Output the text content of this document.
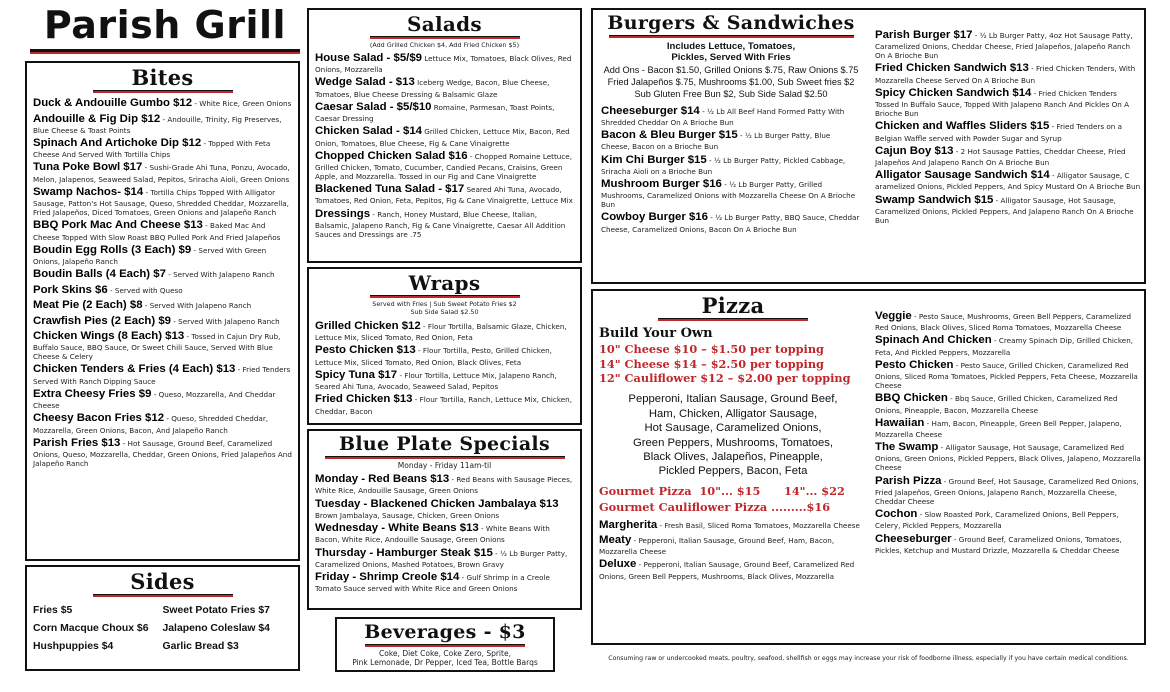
Parish Grill
Bites
Duck & Andouille Gumbo $12 - White Rice, Green Onions
Andouille & Fig Dip $12 - Andouille, Trinity, Fig Preserves, Blue Cheese & Toast Points
Spinach And Artichoke Dip $12 - Topped With Feta Cheese And Served With Tortilla Chips
Tuna Poke Bowl $17 - Sushi-Grade Ahi Tuna, Ponzu, Avocado, Melon, Jalapenos, Seaweed Salad, Pepitos, Sriracha Aioli, Green Onions
Swamp Nachos- $14 - Tortilla Chips Topped With Alligator Sausage, Patton's Hot Sausage, Queso, Shredded Cheddar, Mozzarella, Fried Jalapeños, Diced Tomatoes, Green Onions and Jalapeño Ranch
BBQ Pork Mac And Cheese $13 - Baked Mac And Cheese Topped With Slow Roast BBQ Pulled Pork And Fried Jalapeños
Boudin Egg Rolls (3 Each) $9 - Served With Green Onions, Jalapeño Ranch
Boudin Balls (4 Each) $7 - Served With Jalapeno Ranch
Pork Skins $6 - Served with Queso
Meat Pie (2 Each) $8 - Served With Jalapeno Ranch
Crawfish Pies (2 Each) $9 - Served With Jalapeno Ranch
Chicken Wings (8 Each) $13 - Tossed in Cajun Dry Rub, Buffalo Sauce, BBQ Sauce, Or Sweet Chili Sauce, Served With Blue Cheese & Celery
Chicken Tenders & Fries (4 Each) $13 - Fried Tenders Served With Ranch Dipping Sauce
Extra Cheesy Fries $9 - Queso, Mozzarella, And Cheddar Cheese
Cheesy Bacon Fries $12 - Queso, Shredded Cheddar, Mozzarella, Green Onions, Bacon, And Jalapeño Ranch
Parish Fries $13 - Hot Sausage, Ground Beef, Caramelized Onions, Queso, Mozzarella, Cheddar, Green Onions, Fried Jalapeños And Jalapeño Ranch
Sides
Fries $5	Sweet Potato Fries $7
Corn Macque Choux $6	Jalapeno Coleslaw $4
Hushpuppies $4	Garlic Bread $3
Salads
(Add Grilled Chicken $4, Add Fried Chicken $5)
House Salad - $5/$9 Lettuce Mix, Tomatoes, Black Olives, Red Onions, Mozzarella
Wedge Salad - $13 Iceberg Wedge, Bacon, Blue Cheese, Tomatoes, Blue Cheese Dressing & Balsamic Glaze
Caesar Salad - $5/$10 Romaine, Parmesan, Toast Points, Caesar Dressing
Chicken Salad - $14 Grilled Chicken, Lettuce Mix, Bacon, Red Onion, Tomatoes, Blue Cheese, Fig & Cane Vinaigrette
Chopped Chicken Salad $16 - Chopped Romaine Lettuce, Grilled Chicken, Tomato, Cucumber, Candied Pecans, Craisins, Green Apple, and Mozzarella. Tossed in our Fig and Cane Vinaigrette
Blackened Tuna Salad - $17 Seared Ahi Tuna, Avocado, Tomatoes, Red Onion, Feta, Pepitos, Fig & Cane Vinaigrette, Lettuce Mix
Dressings - Ranch, Honey Mustard, Blue Cheese, Italian, Balsamic, Jalapeno Ranch, Fig & Cane Vinaigrette, Caesar All Addition Sauces and Dressings are .75
Wraps
Served with Fries | Sub Sweet Potato Fries $2
Sub Side Salad $2.50
Grilled Chicken $12 - Flour Tortilla, Balsamic Glaze, Chicken, Lettuce Mix, Sliced Tomato, Red Onion, Feta
Pesto Chicken $13 - Flour Tortilla, Pesto, Grilled Chicken, Lettuce Mix, Sliced Tomato, Red Onion, Black Olives, Feta
Spicy Tuna $17 - Flour Tortilla, Lettuce Mix, Jalapeno Ranch, Seared Ahi Tuna, Avocado, Seaweed Salad, Pepitos
Fried Chicken $13 - Flour Tortilla, Ranch, Lettuce Mix, Chicken, Cheddar, Bacon
Blue Plate Specials
Monday - Friday 11am-til
Monday - Red Beans $13 - Red Beans with Sausage Pieces, White Rice, Andouille Sausage, Green Onions
Tuesday - Blackened Chicken Jambalaya $13 Brown Jambalaya, Sausage, Chicken, Green Onions
Wednesday - White Beans $13 - White Beans With Bacon, White Rice, Andouille Sausage, Green Onions
Thursday - Hamburger Steak $15 - ½ Lb Burger Patty, Caramelized Onions, Mashed Potatoes, Brown Gravy
Friday - Shrimp Creole $14 - Gulf Shrimp in a Creole Tomato Sauce served with White Rice and Green Onions
Beverages - $3
Coke, Diet Coke, Coke Zero, Sprite,
Pink Lemonade, Dr Pepper, Iced Tea, Bottle Barqs
Burgers & Sandwiches
Includes Lettuce, Tomatoes,
Pickles, Served With Fries
Add Ons - Bacon $1.50, Grilled Onions $.75, Raw Onions $.75 Fried Jalapeños $.75, Mushrooms $1.00, Sub Sweet fries $2 Sub Gluten Free Bun $2, Sub Side Salad $2.50
Cheeseburger $14 - ½ Lb All Beef Hand Formed Patty With Shredded Cheddar On A Brioche Bun
Bacon & Bleu Burger $15 - ½ Lb Burger Patty, Blue Cheese, Bacon on a Brioche Bun
Kim Chi Burger $15 - ½ Lb Burger Patty, Pickled Cabbage, Sriracha Aioli on a Brioche Bun
Mushroom Burger $16 - ½ Lb Burger Patty, Grilled Mushrooms, Caramelized Onions with Mozzarella Cheese On A Brioche Bun
Cowboy Burger $16 - ½ Lb Burger Patty, BBQ Sauce, Cheddar Cheese, Caramelized Onions, Bacon On A Brioche Bun
Parish Burger $17 - ½ Lb Burger Patty, 4oz Hot Sausage Patty, Caramelized Onions, Cheddar Cheese, Fried Jalapeños, Jalapeño Ranch On A Brioche Bun
Fried Chicken Sandwich $13 - Fried Chicken Tenders, With Mozzarella Cheese Served On A Brioche Bun
Spicy Chicken Sandwich $14 - Fried Chicken Tenders Tossed In Buffalo Sauce, Topped With Jalapeno Ranch And Pickles On A Brioche Bun
Chicken and Waffles Sliders $15 - Fried Tenders on a Belgian Waffle served with Powder Sugar and Syrup
Cajun Boy $13 - 2 Hot Sausage Patties, Cheddar Cheese, Fried Jalapeños And Jalapeno Ranch On A Brioche Bun
Alligator Sausage Sandwich $14 - Alligator Sausage, C aramelized Onions, Pickled Peppers, And Spicy Mustard On A Brioche Bun
Swamp Sandwich $15 - Alligator Sausage, Hot Sausage, Caramelized Onions, Pickled Peppers, And Jalapeno Ranch On A Brioche Bun
Pizza
Build Your Own
10" Cheese $10 – $1.50 per topping
14" Cheese $14 – $2.50 per topping
12" Cauliflower $12 – $2.00 per topping
Pepperoni, Italian Sausage, Ground Beef,
Ham, Chicken, Alligator Sausage,
Hot Sausage, Caramelized Onions,
Green Peppers, Mushrooms, Tomatoes,
Black Olives, Jalapeños, Pineapple,
Pickled Peppers, Bacon, Feta
Gourmet Pizza  10"... $15      14"... $22
Gourmet Cauliflower Pizza .........$16
Margherita - Fresh Basil, Sliced Roma Tomatoes, Mozzarella Cheese
Meaty - Pepperoni, Italian Sausage, Ground Beef, Ham, Bacon, Mozzarella Cheese
Deluxe - Pepperoni, Italian Sausage, Ground Beef, Caramelized Red Onions, Green Bell Peppers, Mushrooms, Black Olives, Mozzarella
Veggie - Pesto Sauce, Mushrooms, Green Bell Peppers, Caramelized Red Onions, Black Olives, Sliced Roma Tomatoes, Mozzarella Cheese
Spinach And Chicken - Creamy Spinach Dip, Grilled Chicken, Feta, And Pickled Peppers, Mozzarella
Pesto Chicken - Pesto Sauce, Grilled Chicken, Caramelized Red Onions, Sliced Roma Tomatoes, Pickled Peppers, Feta Cheese, Mozzarella Cheese
BBQ Chicken - Bbq Sauce, Grilled Chicken, Caramelized Red Onions, Pineapple, Bacon, Mozzarella Cheese
Hawaiian - Ham, Bacon, Pineapple, Green Bell Pepper, Jalapeno, Mozzarella Cheese
The Swamp - Alligator Sausage, Hot Sausage, Caramelized Red Onions, Green Onions, Pickled Peppers, Black Olives, Jalapeno, Mozzarella Cheese
Parish Pizza - Ground Beef, Hot Sausage, Caramelized Red Onions, Fried Jalapeños, Green Onions, Jalapeno Ranch, Mozzarella Cheese, Cheddar Cheese
Cochon - Slow Roasted Pork, Caramelized Onions, Bell Peppers, Celery, Pickled Peppers, Mozzarella
Cheeseburger - Ground Beef, Caramelized Onions, Tomatoes, Pickles, Ketchup and Mustard Drizzle, Mozzarella & Cheddar Cheese
Consuming raw or undercooked meats, poultry, seafood, shellfish or eggs may increase your risk of foodborne illness, especially if you have certain medical conditions.
